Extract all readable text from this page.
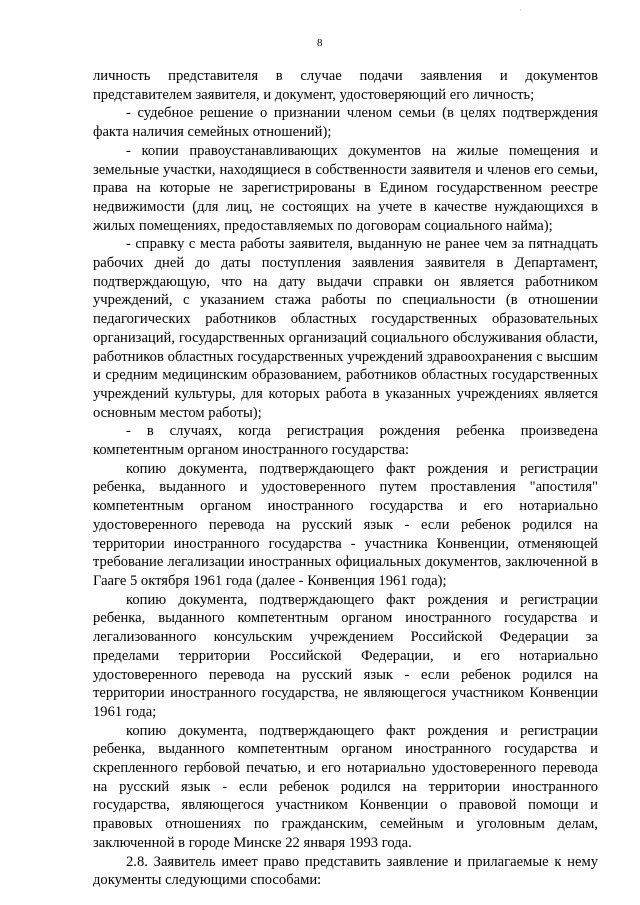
·
8

личность представителя в случае подачи заявления и документов представителем заявителя, и документ, удостоверяющий его личность;

- судебное решение о признании членом семьи (в целях подтверждения факта наличия семейных отношений);

- копии правоустанавливающих документов на жилые помещения и земельные участки, находящиеся в собственности заявителя и членов его семьи, права на которые не зарегистрированы в Едином государственном реестре недвижимости (для лиц, не состоящих на учете в качестве нуждающихся в жилых помещениях, предоставляемых по договорам социального найма);

- справку с места работы заявителя, выданную не ранее чем за пятнадцать рабочих дней до даты поступления заявления заявителя в Департамент, подтверждающую, что на дату выдачи справки он является работником учреждений, с указанием стажа работы по специальности (в отношении педагогических работников областных государственных образовательных организаций, государственных организаций социального обслуживания области, работников областных государственных учреждений здравоохранения с высшим и средним медицинским образованием, работников областных государственных учреждений культуры, для которых работа в указанных учреждениях является основным местом работы);

- в случаях, когда регистрация рождения ребенка произведена компетентным органом иностранного государства:

копию документа, подтверждающего факт рождения и регистрации ребенка, выданного и удостоверенного путем проставления "апостиля" компетентным органом иностранного государства и его нотариально удостоверенного перевода на русский язык - если ребенок родился на территории иностранного государства - участника Конвенции, отменяющей требование легализации иностранных официальных документов, заключенной в Гааге 5 октября 1961 года (далее - Конвенция 1961 года);

копию документа, подтверждающего факт рождения и регистрации ребенка, выданного компетентным органом иностранного государства и легализованного консульским учреждением Российской Федерации за пределами территории Российской Федерации, и его нотариально удостоверенного перевода на русский язык - если ребенок родился на территории иностранного государства, не являющегося участником Конвенции 1961 года;

копию документа, подтверждающего факт рождения и регистрации ребенка, выданного компетентным органом иностранного государства и скрепленного гербовой печатью, и его нотариально удостоверенного перевода на русский язык - если ребенок родился на территории иностранного государства, являющегося участником Конвенции о правовой помощи и правовых отношениях по гражданским, семейным и уголовным делам, заключенной в городе Минске 22 января 1993 года.

2.8. Заявитель имеет право представить заявление и прилагаемые к нему документы следующими способами:
